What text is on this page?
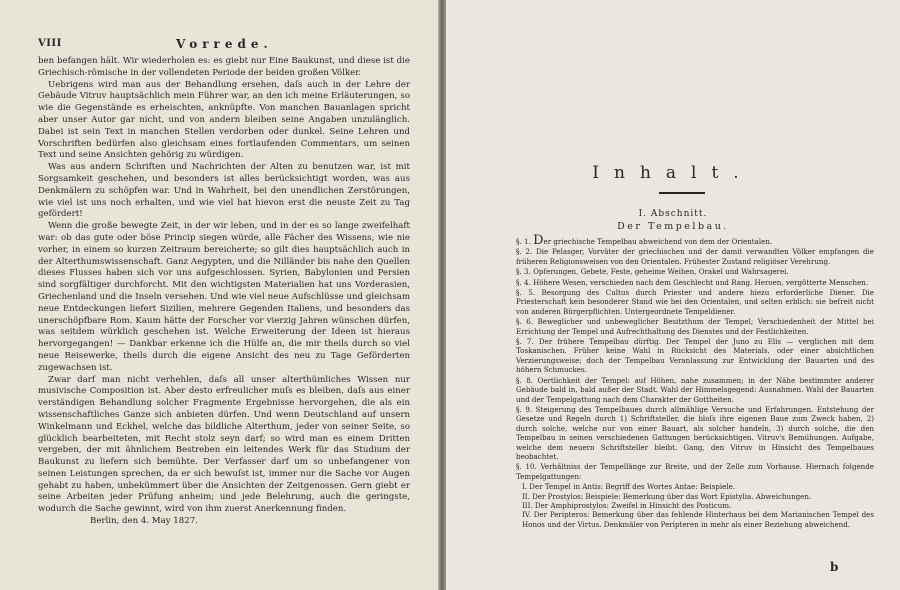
VIII	Vorrede.

ben befangen hält. Wir wiederholen es: es giebt nur Eine Baukunst, und diese ist die Griechisch-römische in der vollendeten Periode der beiden großen Völker.

Uebrigens wird man aus der Behandlung ersehen, daſs auch in der Lehre der Gebäude Vitruv hauptsächlich mein Führer war, an den ich meine Erläuterungen, so wie die Gegenstände es erheischten, anknüpfte. Von manchen Bauanlagen spricht aber unser Autor gar nicht, und von andern bleiben seine Angaben unzulänglich. Dabei ist sein Text in manchen Stellen verdorben oder dunkel. Seine Lehren und Vorschriften bedürfen also gleichsam eines fortlaufenden Commentars, um seinen Text und seine Ansichten gehörig zu würdigen.

Was aus andern Schriften und Nachrichten der Alten zu benutzen war, ist mit Sorgsamkeit geschehen, und besonders ist alles berücksichtigt worden, was aus Denkmälern zu schöpfen war. Und in Wahrheit, bei den unendlichen Zerstörungen, wie viel ist uns noch erhalten, und wie viel hat hievon erst die neuste Zeit zu Tag gefördert!

Wenn die große bewegte Zeit, in der wir leben, und in der es so lange zweifelhaft war: ob das gute oder böse Princip siegen würde, alle Fächer des Wissens, wie nie vorher, in einem so kurzen Zeitraum bereicherte; so gilt dies hauptsächlich auch in der Alterthumswissenschaft. Ganz Aegypten, und die Nilländer bis nahe den Quellen dieses Flusses haben sich vor uns aufgeschlossen. Syrien, Babylonien und Persien sind sorgfältiger durchforcht. Mit den wichtigsten Materialien hat uns Vorderasien, Griechenland und die Inseln versehen. Und wie viel neue Aufschlüsse und gleichsam neue Entdeckungen liefert Sizilien, mehrere Gegenden Italiens, und besonders das unerschöpfbare Rom. Kaum hätte der Forscher vor vierzig Jahren wünschen dürfen, was seitdem würklich geschehen ist. Welche Erweiterung der Ideen ist hieraus hervorgegangen! — Dankbar erkenne ich die Hülfe an, die mir theils durch so viel neue Reisewerke, theils durch die eigene Ansicht des neu zu Tage Geförderten zugewachsen ist.

Zwar darf man nicht verhehlen, daſs all unser alterthümliches Wissen nur musivische Composition ist. Aber desto erfreulicher muſs es bleiben, daſs aus einer verständigen Behandlung solcher Fragmente Ergebnisse hervorgehen, die als ein wissenschaftliches Ganze sich anbieten dürfen. Und wenn Deutschland auf unsern Winkelmann und Eckhel, welche das bildliche Alterthum, jeder von seiner Seite, so glücklich bearbeiteten, mit Recht stolz seyn darf; so wird man es einem Dritten vergeben, der mit ähnlichem Bestreben ein leitendes Werk für das Studium der Baukunst zu liefern sich bemühte. Der Verfasser darf um so unbefangener von seinen Leistungen sprechen, da er sich bewuſst ist, immer nur die Sache vor Augen gehabt zu haben, unbekümmert über die Ansichten der Zeitgenossen. Gern giebt er seine Arbeiten jeder Prüfung anheim; und jede Belehrung, auch die geringste, wodurch die Sache gewinnt, wird von ihm zuerst Anerkennung finden.

Berlin, den 4. May 1827.

Inhalt.
I. Abschnitt.
Der Tempelbau.
§. 1. Der griechische Tempelbau abweichend von dem der Orientalen.
§. 2. Die Pelasger, Vorväter der griechischen und der damit verwandten Völker empfangen die früheren Religionsweisen von den Orientalen. Frühester Zustand religiöser Verehrung.
§. 3. Opferungen, Gebete, Feste, geheime Weihen, Orakel und Wahrsagerei.
§. 4. Höhere Wesen, verschieden nach dem Geschlecht und Rang. Heroen, vergötterte Menschen.
§. 5. Besorgung des Cultus durch Priester und andere hiezu erforderliche Diener. Die Priesterschaft kein besonderer Stand wie bei den Orientalen, und selten erblich: sie befreit nicht von anderen Bürgerpflichten. Untergeordnete Tempeldiener.
§. 6. Beweglicher und unbeweglicher Besitzthum der Tempel; Verschiedenheit der Mittel bei Errichtung der Tempel und Aufrechthaltung des Dienstes und der Festlichkeiten.
§. 7. Der frühere Tempelbau dürftig. Der Tempel der Juno zu Elis — verglichen mit dem Toskanischen. Früher keine Wahl in Rücksicht des Materials, oder einer absichtlichen Verzierungsweise; doch der Tempelbau Veranlassung zur Entwicklung der Bauarten und des höhern Schmuckes.
§. 8. Oertlichkeit der Tempel: auf Höhen, nahe zusammen; in der Nähe bestimmter anderer Gebäude bald in, bald außer der Stadt. Wahl der Himmelsgegend: Ausnahmen. Wahl der Bauarten und der Tempelgattung nach dem Charakter der Gottheiten.
§. 9. Steigerung des Tempelbaues durch allmählige Versuche und Erfahrungen. Entstehung der Gesetze und Regeln durch 1) Schriftsteller, die bloſs ihre eigenen Baue zum Zweck haben, 2) durch solche, welche nur von einer Bauart, als solcher handeln, 3) durch solche, die den Tempelbau in seinen verschiedenen Gattungen berücksichtigen. Vitruv's Bemühungen. Aufgabe, welche dem neuern Schriftsteller bleibt. Gang, den Vitruv in Hinsicht des Tempelbaues beobachtet.
§. 10. Verhältniss der Tempellänge zur Breite, und der Zelle zum Vorhause. Hiernach folgende Tempelgattungen:

I. Der Tempel in Antis: Begriff des Wortes Antae: Beispiele.

II. Der Prostylos: Beispiele: Bemerkung über das Wort Epistylia. Abweichungen.

III. Der Amphiprostylos: Zweifel in Hinsicht des Posticum.

IV. Der Peripteros: Bemerkung über das fehlende Hinterhaus bei dem Marianischen Tempel des Honos und der Virtus. Denkmäler von Peripteren in mehr als einer Beziehung abweichend.

b
